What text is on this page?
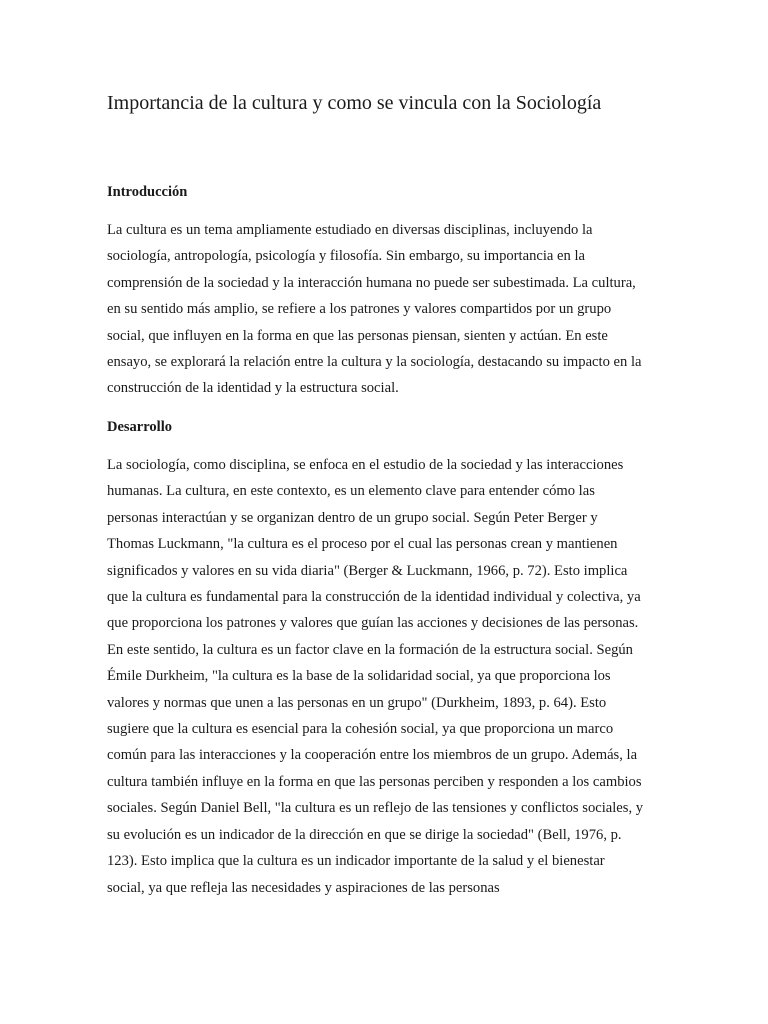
Importancia de la cultura y como se vincula con la Sociología
Introducción
La cultura es un tema ampliamente estudiado en diversas disciplinas, incluyendo la
sociología, antropología, psicología y filosofía. Sin embargo, su importancia en la
comprensión de la sociedad y la interacción humana no puede ser subestimada. La cultura,
en su sentido más amplio, se refiere a los patrones y valores compartidos por un grupo
social, que influyen en la forma en que las personas piensan, sienten y actúan. En este
ensayo, se explorará la relación entre la cultura y la sociología, destacando su impacto en la
construcción de la identidad y la estructura social.
Desarrollo
La sociología, como disciplina, se enfoca en el estudio de la sociedad y las interacciones
humanas. La cultura, en este contexto, es un elemento clave para entender cómo las
personas interactúan y se organizan dentro de un grupo social. Según Peter Berger y
Thomas Luckmann, "la cultura es el proceso por el cual las personas crean y mantienen
significados y valores en su vida diaria" (Berger & Luckmann, 1966, p. 72). Esto implica
que la cultura es fundamental para la construcción de la identidad individual y colectiva, ya
que proporciona los patrones y valores que guían las acciones y decisiones de las personas.
En este sentido, la cultura es un factor clave en la formación de la estructura social. Según
Émile Durkheim, "la cultura es la base de la solidaridad social, ya que proporciona los
valores y normas que unen a las personas en un grupo" (Durkheim, 1893, p. 64). Esto
sugiere que la cultura es esencial para la cohesión social, ya que proporciona un marco
común para las interacciones y la cooperación entre los miembros de un grupo. Además, la
cultura también influye en la forma en que las personas perciben y responden a los cambios
sociales. Según Daniel Bell, "la cultura es un reflejo de las tensiones y conflictos sociales, y
su evolución es un indicador de la dirección en que se dirige la sociedad" (Bell, 1976, p.
123). Esto implica que la cultura es un indicador importante de la salud y el bienestar
social, ya que refleja las necesidades y aspiraciones de las personas
